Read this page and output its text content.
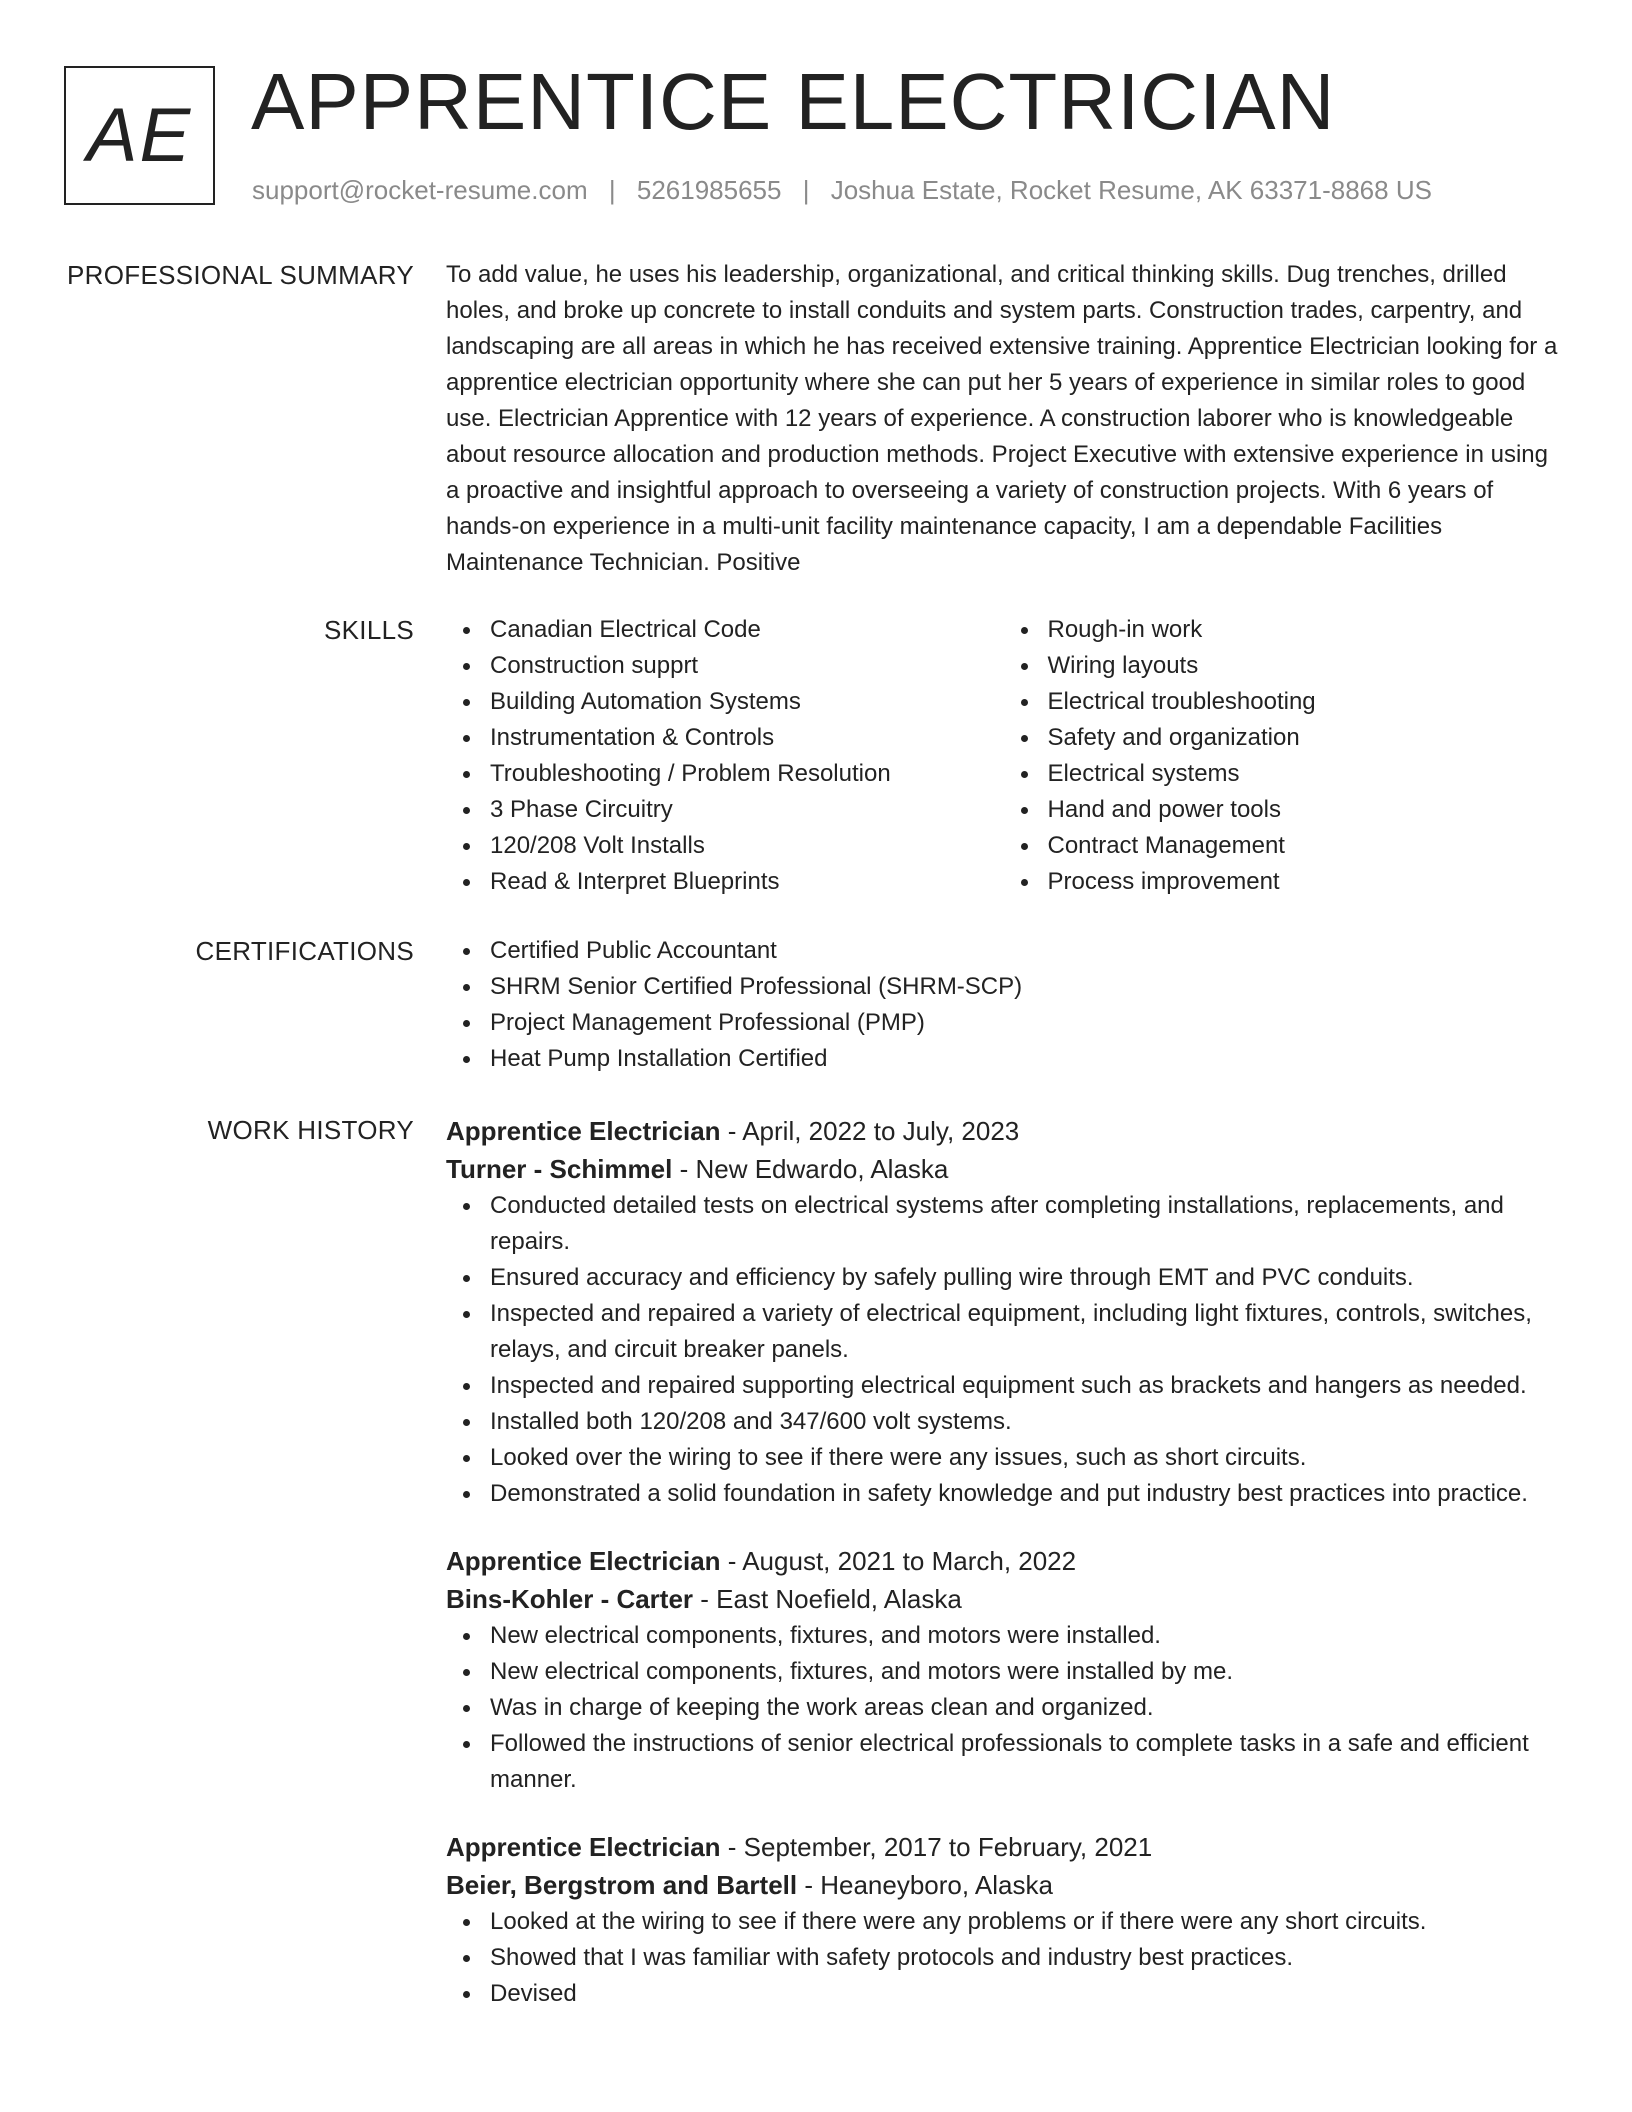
AE APPRENTICE ELECTRICIAN
support@rocket-resume.com | 5261985655 | Joshua Estate, Rocket Resume, AK 63371-8868 US
PROFESSIONAL SUMMARY To add value, he uses his leadership, organizational, and critical thinking skills. Dug trenches, drilled holes, and broke up concrete to install conduits and system parts. Construction trades, carpentry, and landscaping are all areas in which he has received extensive training. Apprentice Electrician looking for a apprentice electrician opportunity where she can put her 5 years of experience in similar roles to good use. Electrician Apprentice with 12 years of experience. A construction laborer who is knowledgeable about resource allocation and production methods. Project Executive with extensive experience in using a proactive and insightful approach to overseeing a variety of construction projects. With 6 years of hands-on experience in a multi-unit facility maintenance capacity, I am a dependable Facilities Maintenance Technician. Positive

SKILLS	Canadian Electrical Code
Construction supprt
Building Automation Systems
Instrumentation & Controls
Troubleshooting / Problem Resolution
3 Phase Circuitry
120/208 Volt Installs
Read & Interpret Blueprints
Rough-in work
Wiring layouts
Electrical troubleshooting
Safety and organization
Electrical systems
Hand and power tools
Contract Management
Process improvement
CERTIFICATIONS	Certified Public Accountant
SHRM Senior Certified Professional (SHRM-SCP)
Project Management Professional (PMP)
Heat Pump Installation Certified
WORK HISTORY Apprentice Electrician - April, 2022 to July, 2023
Turner - Schimmel - New Edwardo, Alaska
Conducted detailed tests on electrical systems after completing installations, replacements, and repairs.
Ensured accuracy and efficiency by safely pulling wire through EMT and PVC conduits.
Inspected and repaired a variety of electrical equipment, including light fixtures, controls, switches, relays, and circuit breaker panels.
Inspected and repaired supporting electrical equipment such as brackets and hangers as needed.
Installed both 120/208 and 347/600 volt systems.
Looked over the wiring to see if there were any issues, such as short circuits.
Demonstrated a solid foundation in safety knowledge and put industry best practices into practice.
Apprentice Electrician - August, 2021 to March, 2022
Bins-Kohler - Carter - East Noefield, Alaska
New electrical components, fixtures, and motors were installed.
New electrical components, fixtures, and motors were installed by me.
Was in charge of keeping the work areas clean and organized.
Followed the instructions of senior electrical professionals to complete tasks in a safe and efficient manner.
Apprentice Electrician - September, 2017 to February, 2021
Beier, Bergstrom and Bartell - Heaneyboro, Alaska
Looked at the wiring to see if there were any problems or if there were any short circuits.
Showed that I was familiar with safety protocols and industry best practices.
Devised
